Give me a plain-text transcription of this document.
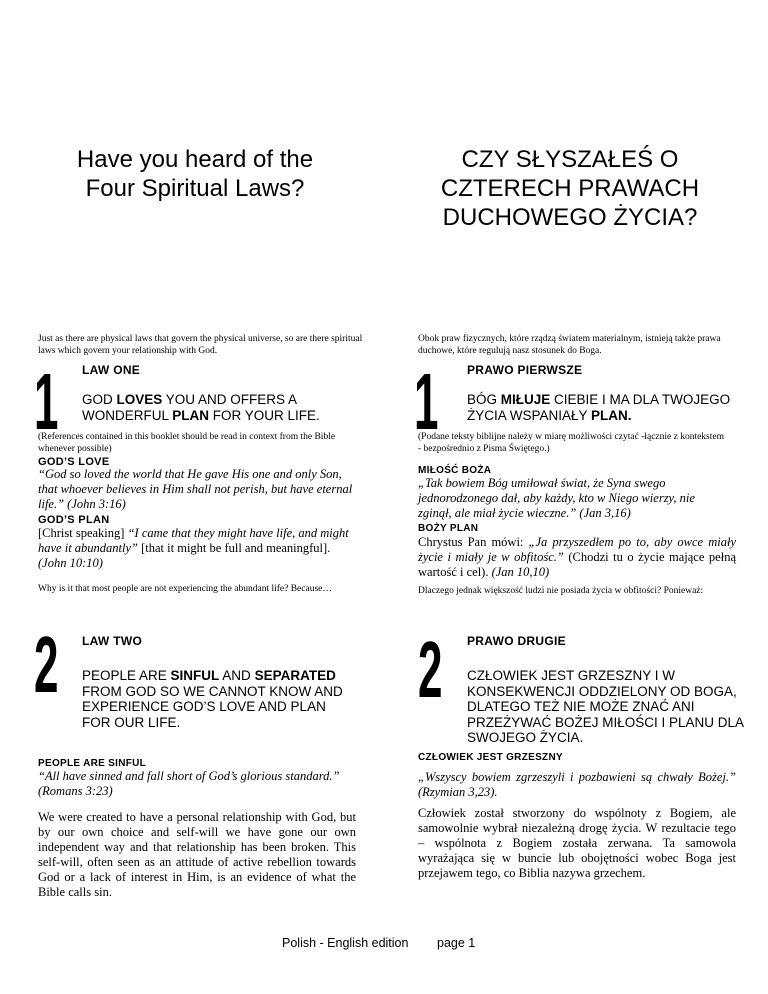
Have you heard of the Four Spiritual Laws?
Just as there are physical laws that govern the physical universe, so are there spiritual laws which govern your relationship with God.
1 LAW ONE
GOD LOVES YOU AND OFFERS A WONDERFUL PLAN FOR YOUR LIFE.
(References contained in this booklet should be read in context from the Bible whenever possible)
GOD’S LOVE
“God so loved the world that He gave His one and only Son, that whoever believes in Him shall not perish, but have eternal life.” (John 3:16)
GOD’S PLAN
[Christ speaking] “I came that they might have life, and might have it abundantly” [that it might be full and meaningful]. (John 10:10)
Why is it that most people are not experiencing the abundant life? Because…
2 LAW TWO
PEOPLE ARE SINFUL AND SEPARATED FROM GOD SO WE CANNOT KNOW AND EXPERIENCE GOD’S LOVE AND PLAN FOR OUR LIFE.
PEOPLE ARE SINFUL
“All have sinned and fall short of God’s glorious standard.” (Romans 3:23)
We were created to have a personal relationship with God, but by our own choice and self-will we have gone our own independent way and that relationship has been broken. This self-will, often seen as an attitude of active rebellion towards God or a lack of interest in Him, is an evidence of what the Bible calls sin.
CZY SŁYSZAŁEŚ O CZTERECH PRAWACH DUCHOWEGO ŻYCIA?
Obok praw fizycznych, które rządzą światem materialnym, istnieją także prawa duchowe, które regulują nasz stosunek do Boga.
1 PRAWO PIERWSZE
BÓG MIŁUJE CIEBIE I MA DLA TWOJEGO ŻYCIA WSPANIAŁY PLAN.
(Podane teksty biblijne należy w miarę możliwości czytać -łącznie z kontekstem - bezpośrednio z Pisma Świętego.)
MIŁOŚĆ BOŻA
„Tak bowiem Bóg umiłował świat, że Syna swego jednorodzonego dał, aby każdy, kto w Niego wierzy, nie zginął, ale miał życie wieczne.” (Jan 3,16)
BOŻY PLAN
Chrystus Pan mówi: „Ja przyszedłem po to, aby owce miały życie i miały je w obfitośc.” (Chodzi tu o życie mające pełną wartość i cel). (Jan 10,10)
Dlaczego jednak większość ludzi nie posiada życia w obfitości? Ponieważ:
2 PRAWO DRUGIE
CZŁOWIEK JEST GRZESZNY I W KONSEKWENCJI ODDZIELONY OD BOGA, DLATEGO TEŻ NIE MOŻE ZNAĆ ANI PRZEŻYWAĆ BOŻEJ MIŁOŚCI I PLANU DLA SWOJEGO ŻYCIA.
CZŁOWIEK JEST GRZESZNY
„Wszyscy bowiem zgrzeszyli i pozbawieni są chwały Bożej.” (Rzymian 3,23).
Człowiek został stworzony do wspólnoty z Bogiem, ale samowolnie wybrał niezależną drogę życia. W rezultacie tego – wspólnota z Bogiem została zerwana. Ta samowola wyrażająca się w buncie lub obojętności wobec Boga jest przejawem tego, co Biblia nazywa grzechem.
Polish - English edition page 1
